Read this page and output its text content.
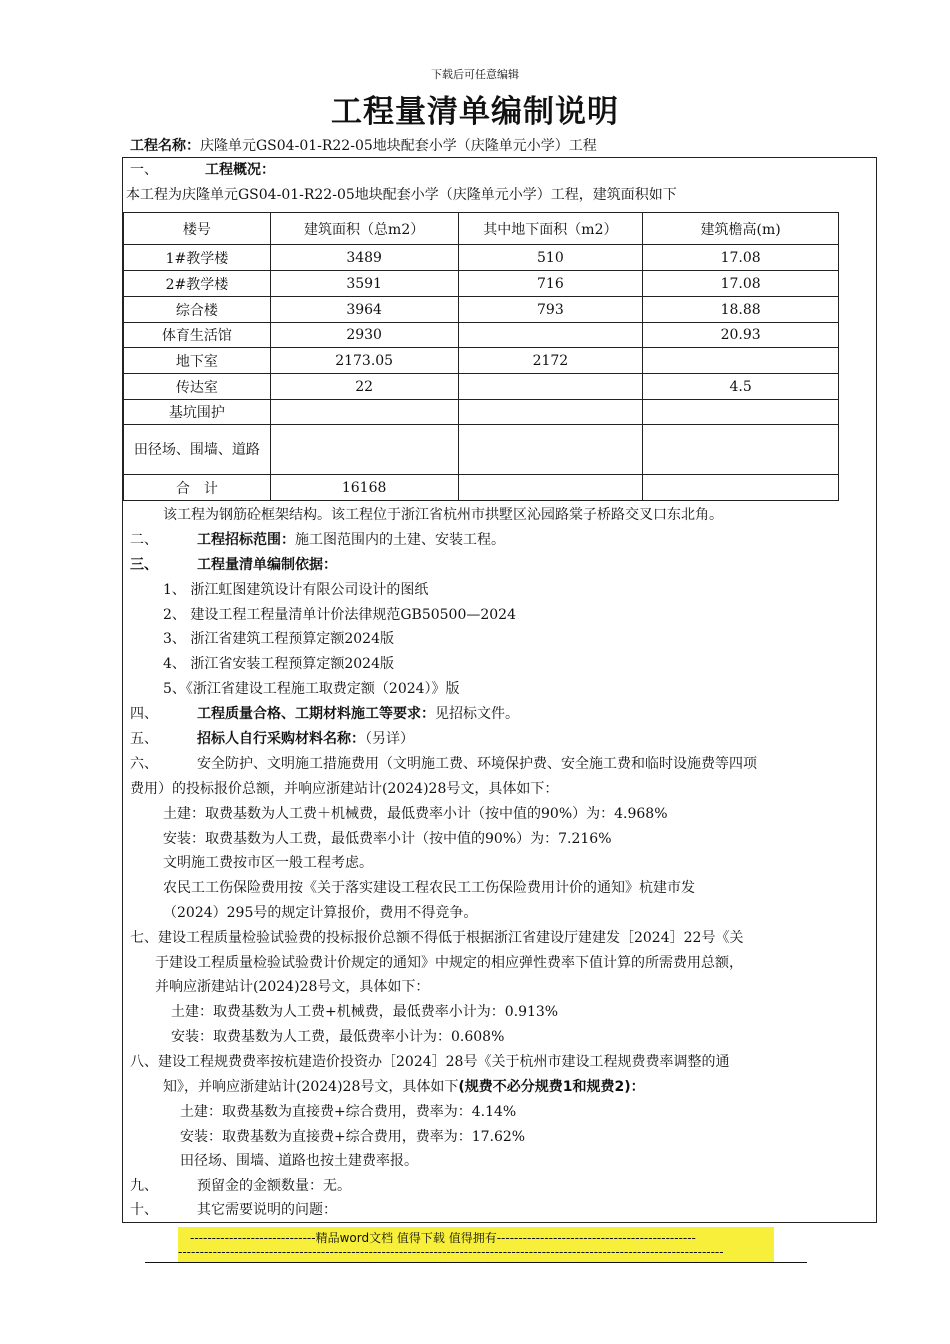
下载后可任意编辑
工程量清单编制说明
工程名称：庆隆单元GS04-01-R22-05地块配套小学（庆隆单元小学）工程
一、	工程概况：
本工程为庆隆单元GS04-01-R22-05地块配套小学（庆隆单元小学）工程，建筑面积如下
楼号	建筑面积（总m2）	其中地下面积（m2）	建筑檐高(m)
1#教学楼	3489	510	17.08
2#教学楼	3591	716	17.08
综合楼	3964	793	18.88
体育生活馆	2930		20.93
地下室	2173.05	2172	
传达室	22		4.5
基坑围护			
田径场、围墙、道路			
合　计	16168		
该工程为钢筋砼框架结构。该工程位于浙江省杭州市拱墅区沁园路棠子桥路交叉口东北角。
二、	工程招标范围：施工图范围内的土建、安装工程。
三、	工程量清单编制依据：
1、 浙江虹图建筑设计有限公司设计的图纸
2、 建设工程工程量清单计价法律规范GB50500—2024
3、 浙江省建筑工程预算定额2024版
4、 浙江省安装工程预算定额2024版
5、《浙江省建设工程施工取费定额（2024）》版
四、	工程质量合格、工期材料施工等要求：见招标文件。
五、	招标人自行采购材料名称：（另详）
六、	安全防护、文明施工措施费用（文明施工费、环境保护费、安全施工费和临时设施费等四项
费用）的投标报价总额，并响应浙建站计(2024)28号文，具体如下：
土建：取费基数为人工费＋机械费，最低费率小计（按中值的90%）为：4.968%
安装：取费基数为人工费，最低费率小计（按中值的90%）为：7.216%
文明施工费按市区一般工程考虑。
农民工工伤保险费用按《关于落实建设工程农民工工伤保险费用计价的通知》杭建市发
（2024）295号的规定计算报价，费用不得竞争。
七、建设工程质量检验试验费的投标报价总额不得低于根据浙江省建设厅建建发［2024］22号《关
于建设工程质量检验试验费计价规定的通知》中规定的相应弹性费率下值计算的所需费用总额，
并响应浙建站计(2024)28号文，具体如下：
土建：取费基数为人工费+机械费，最低费率小计为：0.913%
安装：取费基数为人工费，最低费率小计为：0.608%
八、建设工程规费费率按杭建造价投资办［2024］28号《关于杭州市建设工程规费费率调整的通
知》，并响应浙建站计(2024)28号文，具体如下(规费不必分规费1和规费2)：
土建：取费基数为直接费+综合费用，费率为：4.14%
安装：取费基数为直接费+综合费用，费率为：17.62%
田径场、围墙、道路也按土建费率报。
九、	预留金的金额数量：无。
十、	其它需要说明的问题：
-----------------------------精品word文档 值得下载 值得拥有----------------------------------------------
------------------------------------------------------------------------------------------------------------------------------
